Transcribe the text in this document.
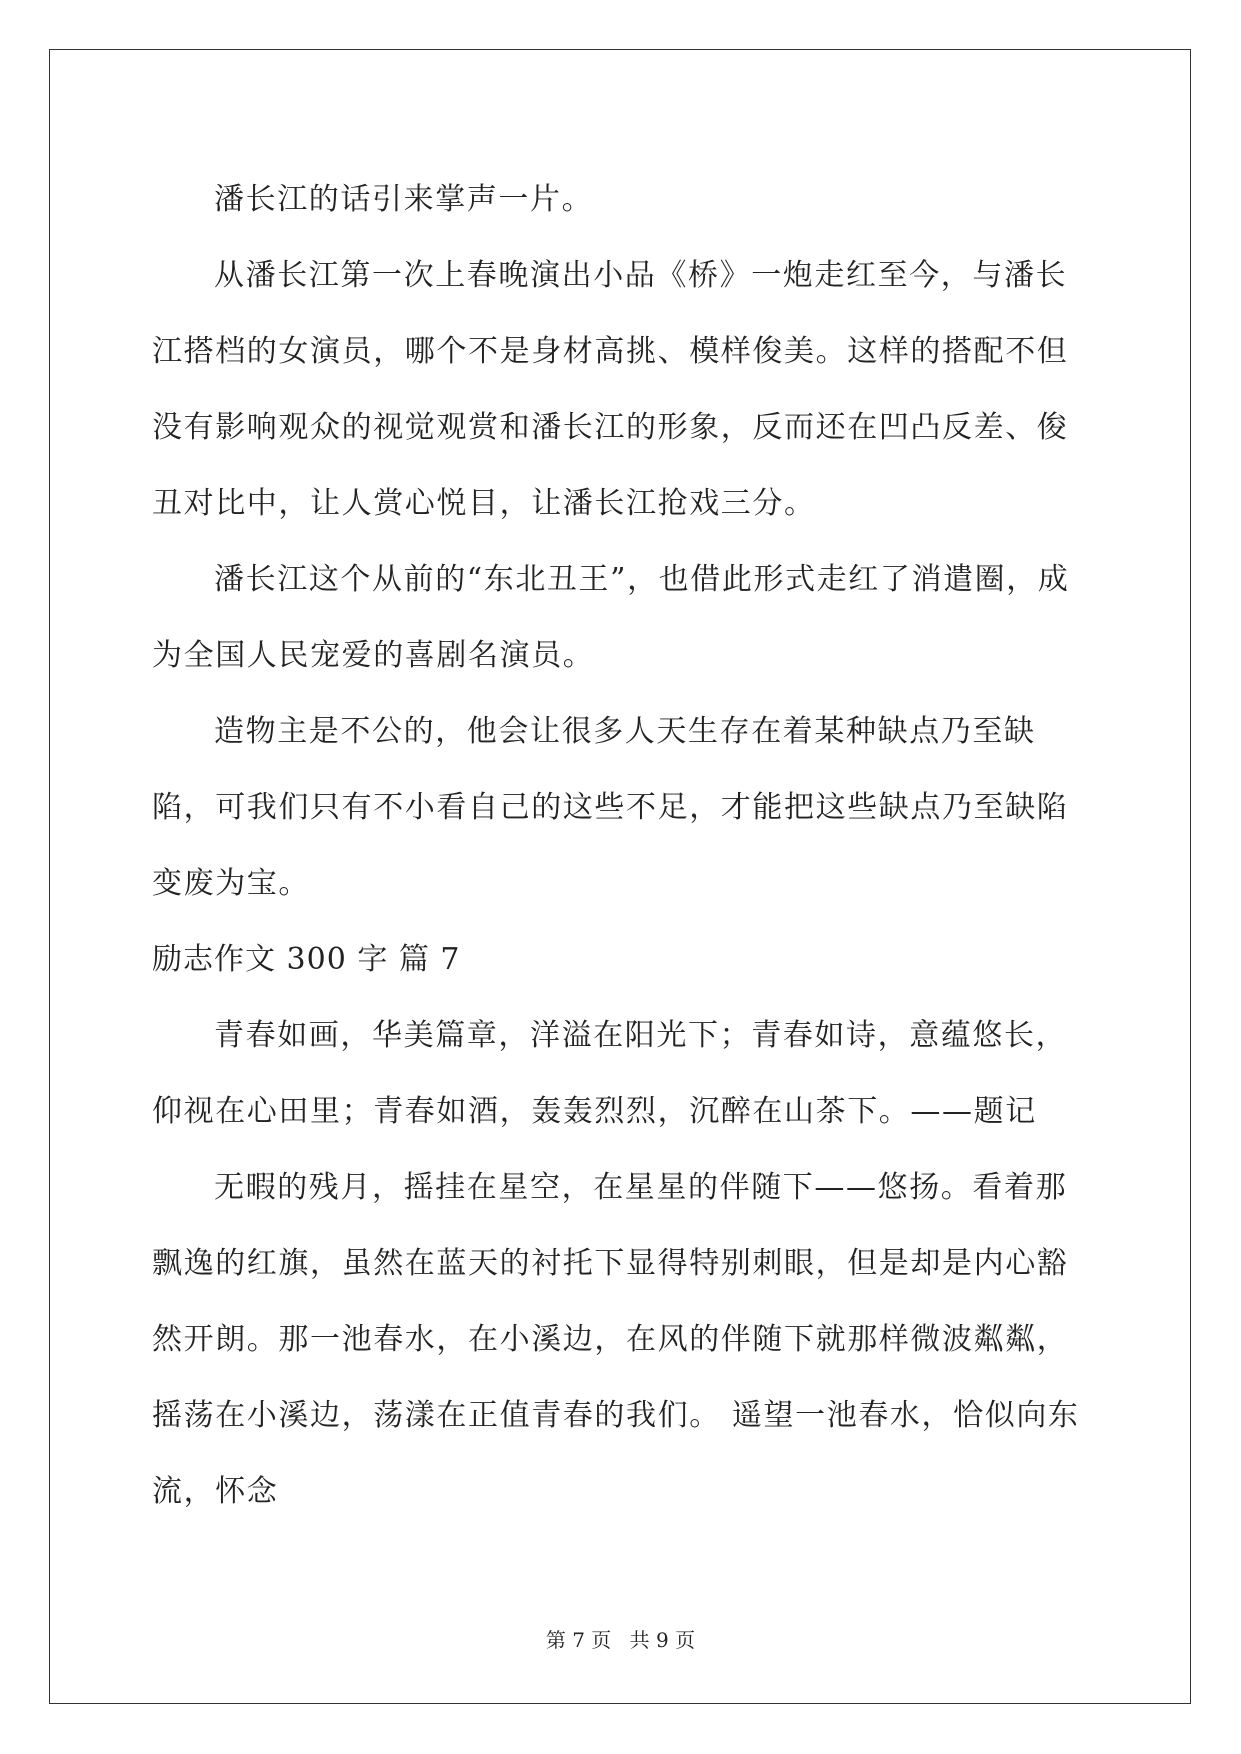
潘长江的话引来掌声一片。

从潘长江第一次上春晚演出小品《桥》一炮走红至今，与潘长江搭档的女演员，哪个不是身材高挑、模样俊美。这样的搭配不但没有影响观众的视觉观赏和潘长江的形象，反而还在凹凸反差、俊丑对比中，让人赏心悦目，让潘长江抢戏三分。

潘长江这个从前的“东北丑王”，也借此形式走红了消遣圈，成为全国人民宠爱的喜剧名演员。

造物主是不公的，他会让很多人天生存在着某种缺点乃至缺陷，可我们只有不小看自己的这些不足，才能把这些缺点乃至缺陷变废为宝。

励志作文 300 字 篇 7

青春如画，华美篇章，洋溢在阳光下；青春如诗，意蕴悠长，仰视在心田里；青春如酒，轰轰烈烈，沉醉在山茶下。——题记

无暇的残月，摇挂在星空，在星星的伴随下——悠扬。看着那飘逸的红旗，虽然在蓝天的衬托下显得特别刺眼，但是却是内心豁然开朗。那一池春水，在小溪边，在风的伴随下就那样微波粼粼，摇荡在小溪边，荡漾在正值青春的我们。 遥望一池春水，恰似向东流，怀念

第 7 页 共 9 页
